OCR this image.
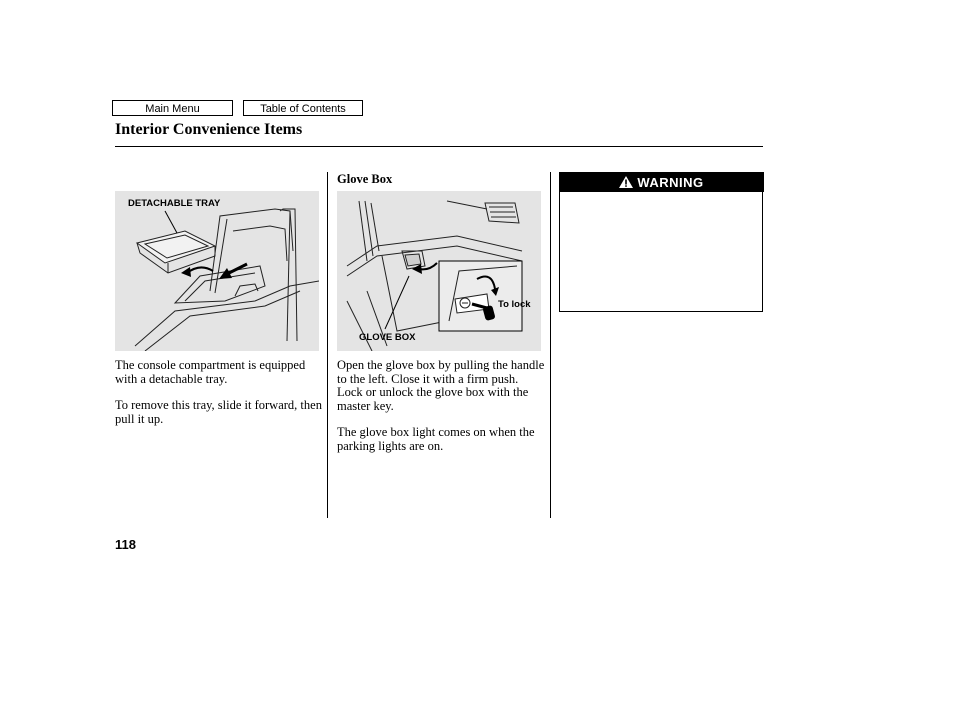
Main Menu	Table of Contents
Interior Convenience Items
DETACHABLE TRAY

The console compartment is equipped with a detachable tray.

To remove this tray, slide it forward, then pull it up.

Glove Box
GLOVE BOX
To lock

Open the glove box by pulling the handle to the left. Close it with a firm push. Lock or unlock the glove box with the master key.

The glove box light comes on when the parking lights are on.

WARNING

118
